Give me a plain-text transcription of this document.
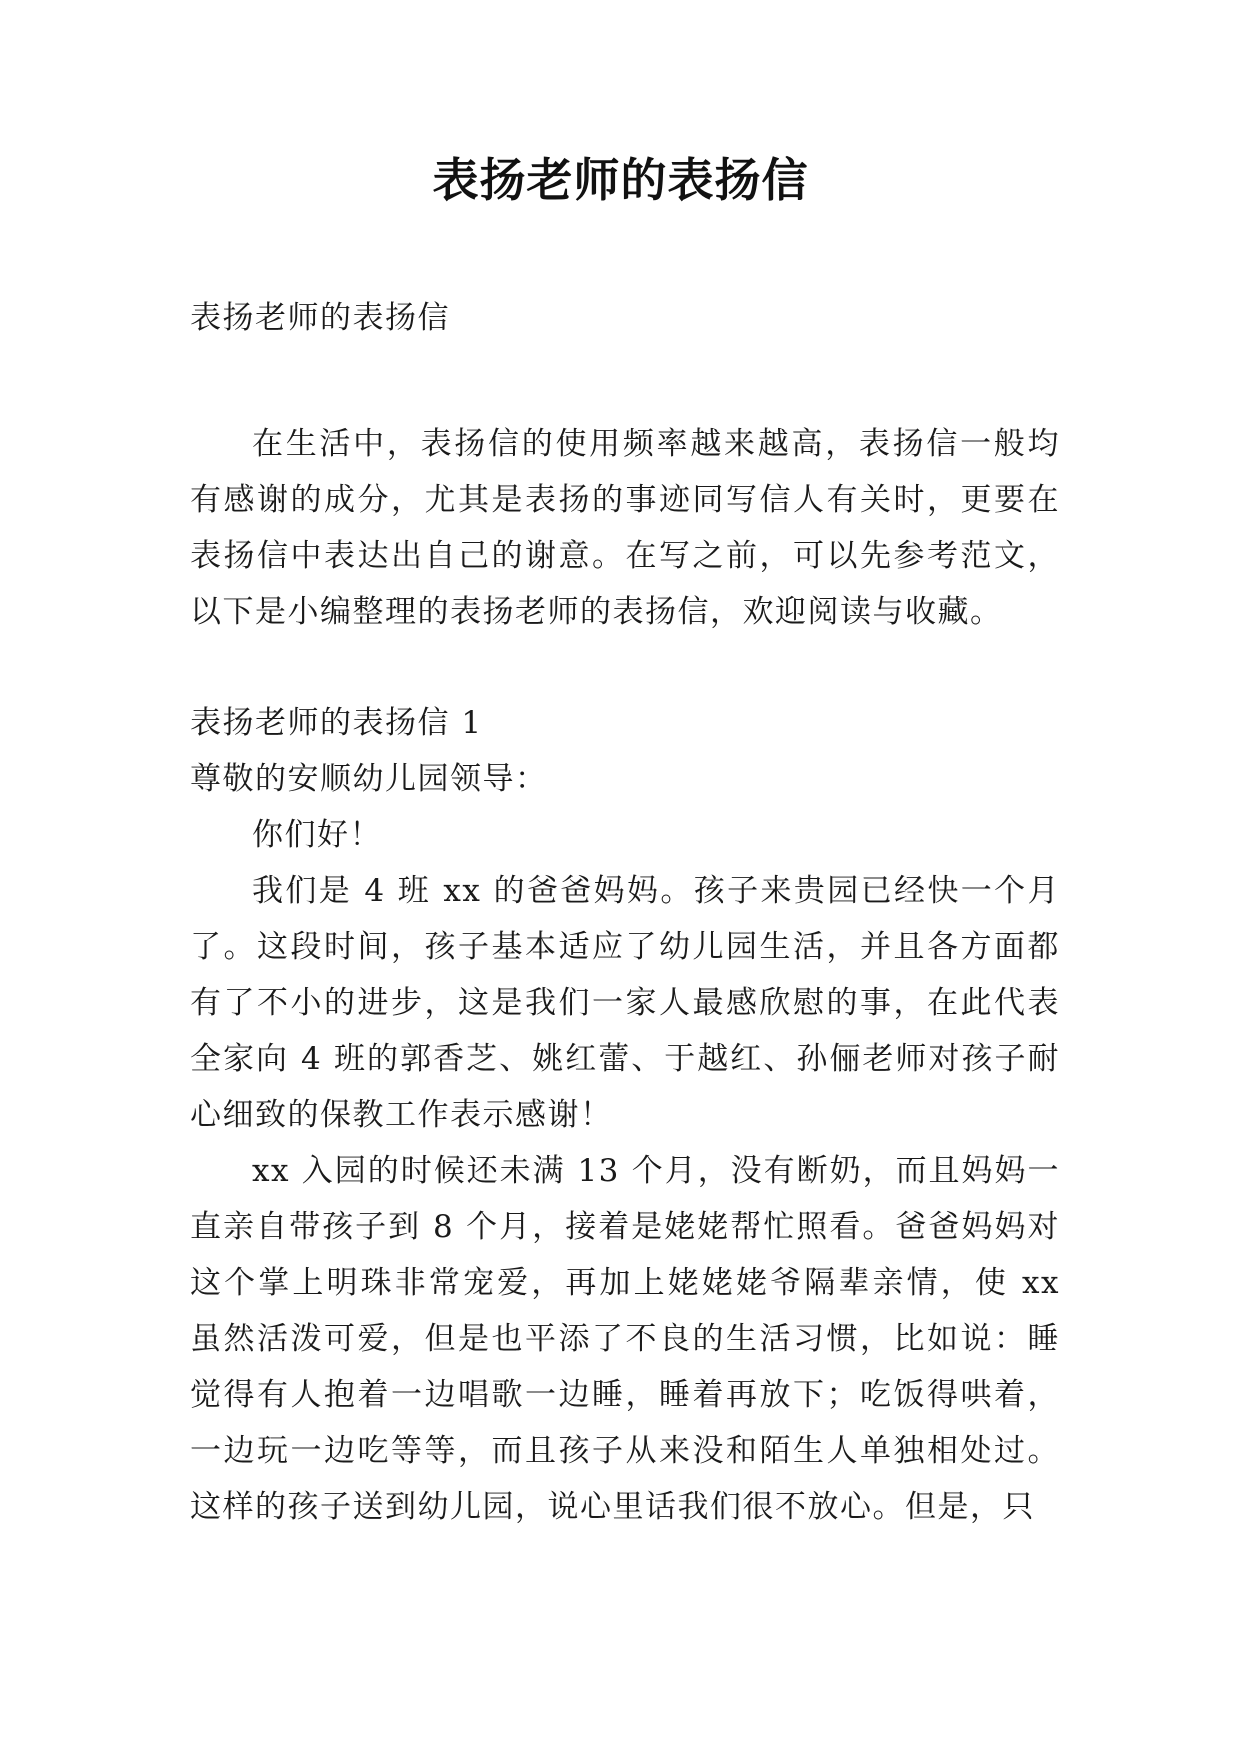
表扬老师的表扬信

表扬老师的表扬信

在生活中，表扬信的使用频率越来越高，表扬信一般均有感谢的成分，尤其是表扬的事迹同写信人有关时，更要在表扬信中表达出自己的谢意。在写之前，可以先参考范文，以下是小编整理的表扬老师的表扬信，欢迎阅读与收藏。

表扬老师的表扬信 1

尊敬的安顺幼儿园领导：

你们好！

我们是 4 班 xx 的爸爸妈妈。孩子来贵园已经快一个月了。这段时间，孩子基本适应了幼儿园生活，并且各方面都有了不小的进步，这是我们一家人最感欣慰的事，在此代表全家向 4 班的郭香芝、姚红蕾、于越红、孙俪老师对孩子耐心细致的保教工作表示感谢！

xx 入园的时候还未满 13 个月，没有断奶，而且妈妈一直亲自带孩子到 8 个月，接着是姥姥帮忙照看。爸爸妈妈对这个掌上明珠非常宠爱，再加上姥姥姥爷隔辈亲情，使 xx 虽然活泼可爱，但是也平添了不良的生活习惯，比如说：睡觉得有人抱着一边唱歌一边睡，睡着再放下；吃饭得哄着，一边玩一边吃等等，而且孩子从来没和陌生人单独相处过。这样的孩子送到幼儿园，说心里话我们很不放心。但是，只
